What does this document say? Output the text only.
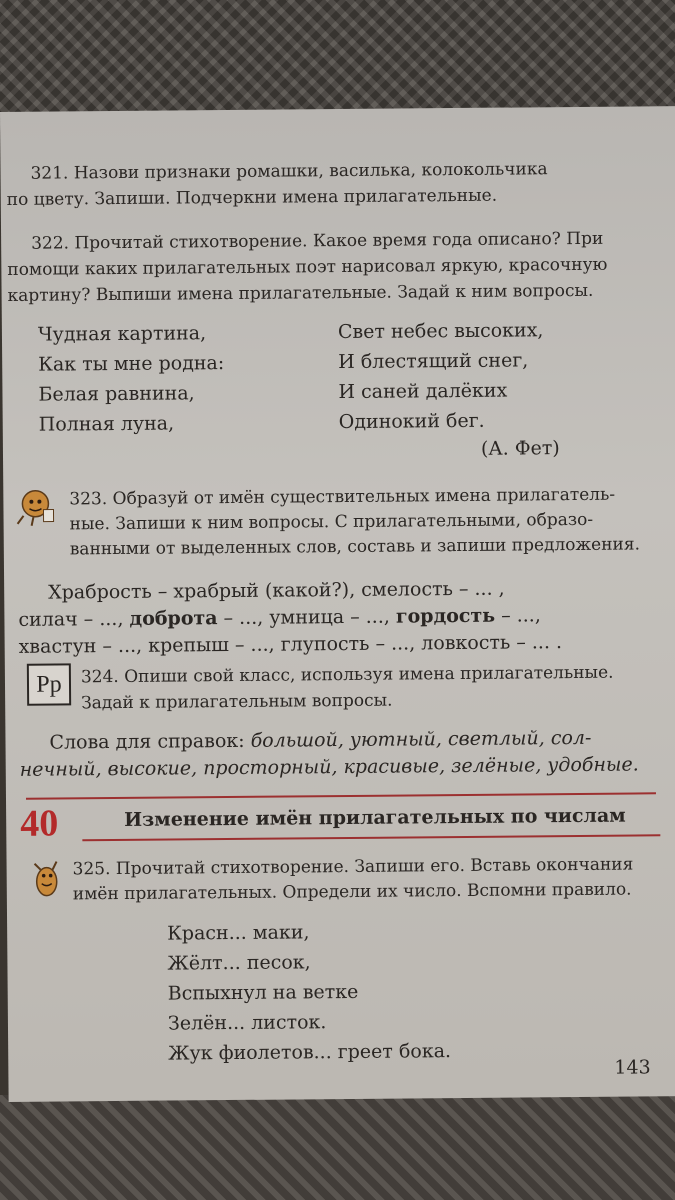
321. Назови признаки ромашки, василька, колокольчика
по цвету. Запиши. Подчеркни имена прилагательные.
322. Прочитай стихотворение. Какое время года описано? При
помощи каких прилагательных поэт нарисовал яркую, красочную
картину? Выпиши имена прилагательные. Задай к ним вопросы.
Чудная картина,
Как ты мне родна:
Белая равнина,
Полная луна,
Свет небес высоких,
И блестящий снег,
И саней далёких
Одинокий бег.
(А. Фет)
323. Образуй от имён существительных имена прилагатель-
ные. Запиши к ним вопросы. С прилагательными, образо-
ванными от выделенных слов, составь и запиши предложения.
Храбрость – храбрый (какой?), смелость – ... ,
силач – ..., доброта – ..., умница – ..., гордость – ...,
хвастун – ..., крепыш – ..., глупость – ..., ловкость – ... .
Рр	324. Опиши свой класс, используя имена прилагательные.
Задай к прилагательным вопросы.
Слова для справок: большой, уютный, светлый, сол-
нечный, высокие, просторный, красивые, зелёные, удобные.
40	Изменение имён прилагательных по числам
325. Прочитай стихотворение. Запиши его. Вставь окончания
имён прилагательных. Определи их число. Вспомни правило.
Красн... маки,
Жёлт... песок,
Вспыхнул на ветке
Зелён... листок.
Жук фиолетов... греет бока.
143
